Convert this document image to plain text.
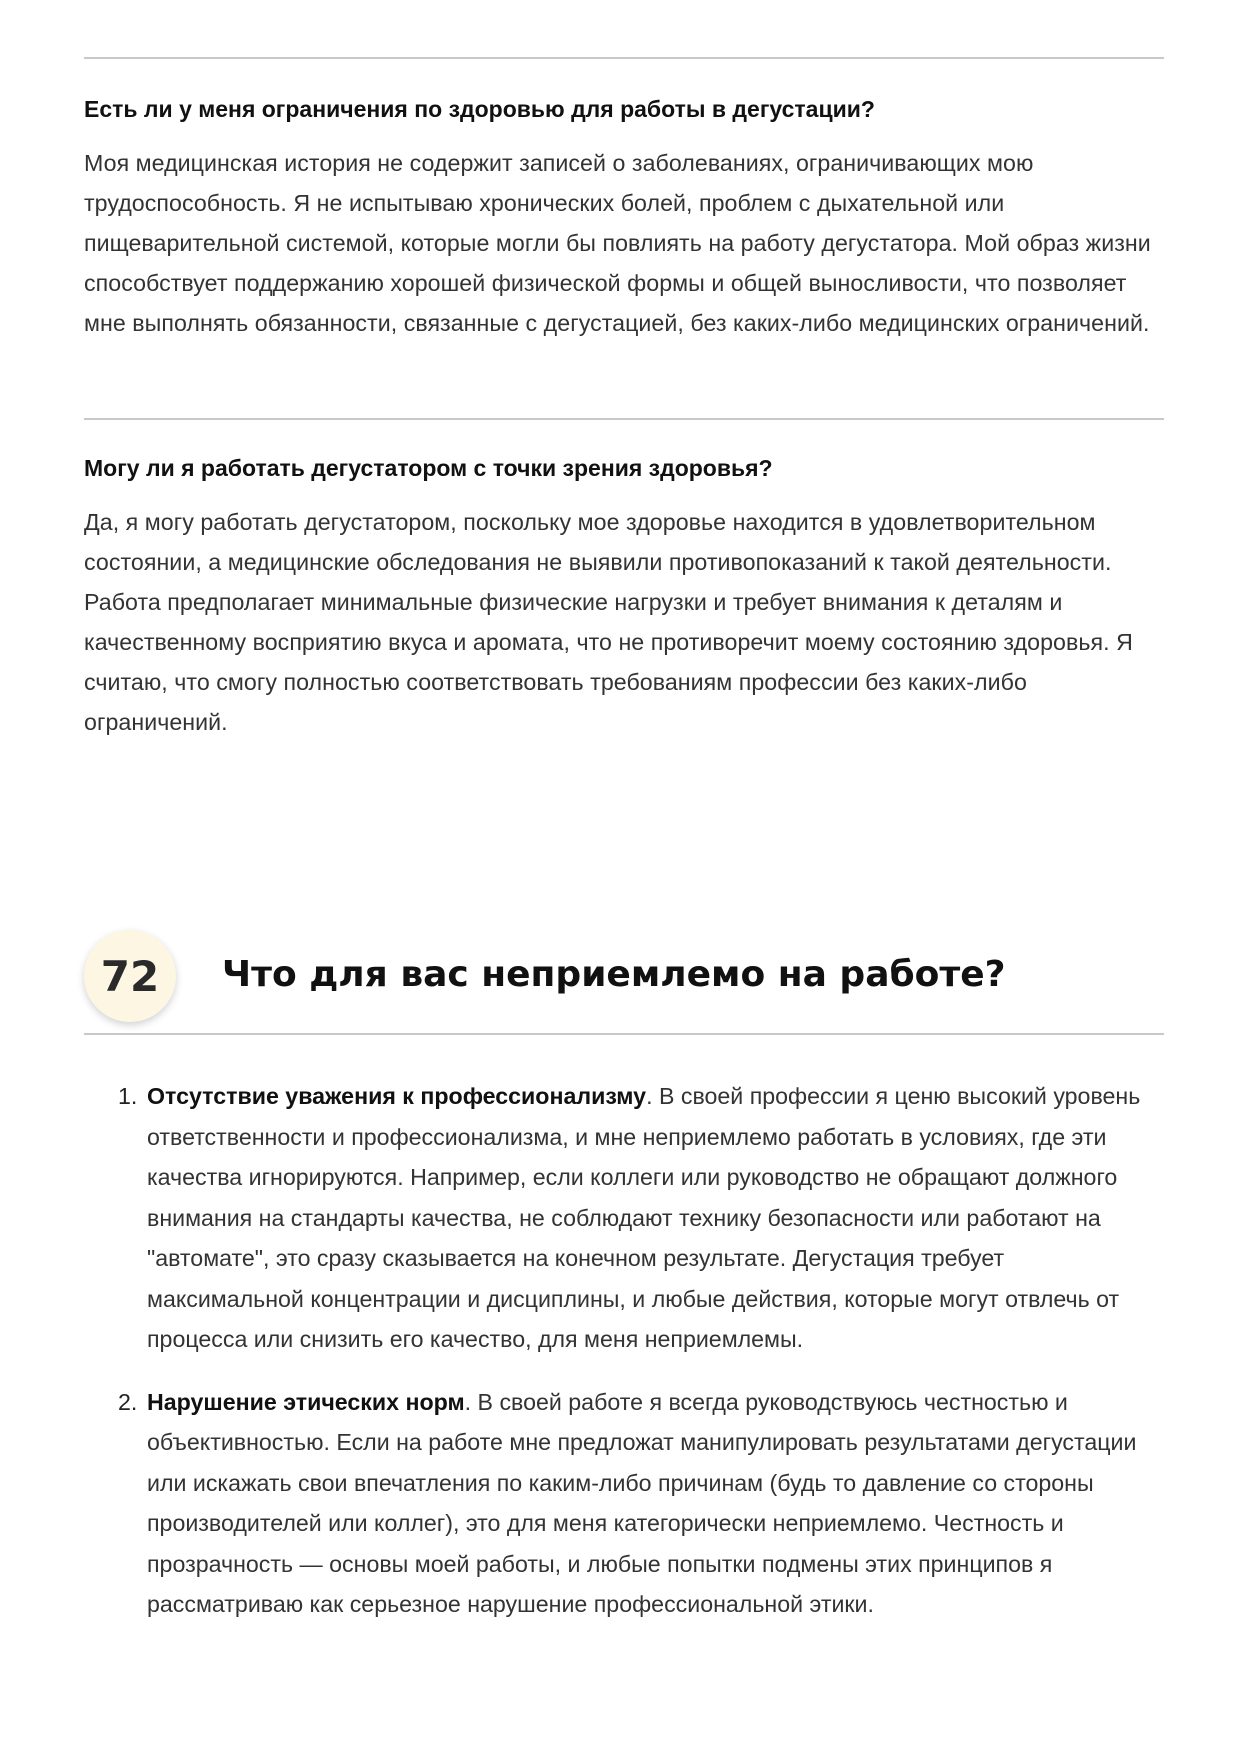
Есть ли у меня ограничения по здоровью для работы в дегустации?

Моя медицинская история не содержит записей о заболеваниях, ограничивающих мою трудоспособность. Я не испытываю хронических болей, проблем с дыхательной или пищеварительной системой, которые могли бы повлиять на работу дегустатора. Мой образ жизни способствует поддержанию хорошей физической формы и общей выносливости, что позволяет мне выполнять обязанности, связанные с дегустацией, без каких-либо медицинских ограничений.

Могу ли я работать дегустатором с точки зрения здоровья?

Да, я могу работать дегустатором, поскольку мое здоровье находится в удовлетворительном состоянии, а медицинские обследования не выявили противопоказаний к такой деятельности. Работа предполагает минимальные физические нагрузки и требует внимания к деталям и качественному восприятию вкуса и аромата, что не противоречит моему состоянию здоровья. Я считаю, что смогу полностью соответствовать требованиям профессии без каких-либо ограничений.

72	Что для вас неприемлемо на работе?
1. Отсутствие уважения к профессионализму. В своей профессии я ценю высокий уровень ответственности и профессионализма, и мне неприемлемо работать в условиях, где эти качества игнорируются. Например, если коллеги или руководство не обращают должного внимания на стандарты качества, не соблюдают технику безопасности или работают на "автомате", это сразу сказывается на конечном результате. Дегустация требует максимальной концентрации и дисциплины, и любые действия, которые могут отвлечь от процесса или снизить его качество, для меня неприемлемы.
2. Нарушение этических норм. В своей работе я всегда руководствуюсь честностью и объективностью. Если на работе мне предложат манипулировать результатами дегустации или искажать свои впечатления по каким-либо причинам (будь то давление со стороны производителей или коллег), это для меня категорически неприемлемо. Честность и прозрачность — основы моей работы, и любые попытки подмены этих принципов я рассматриваю как серьезное нарушение профессиональной этики.
